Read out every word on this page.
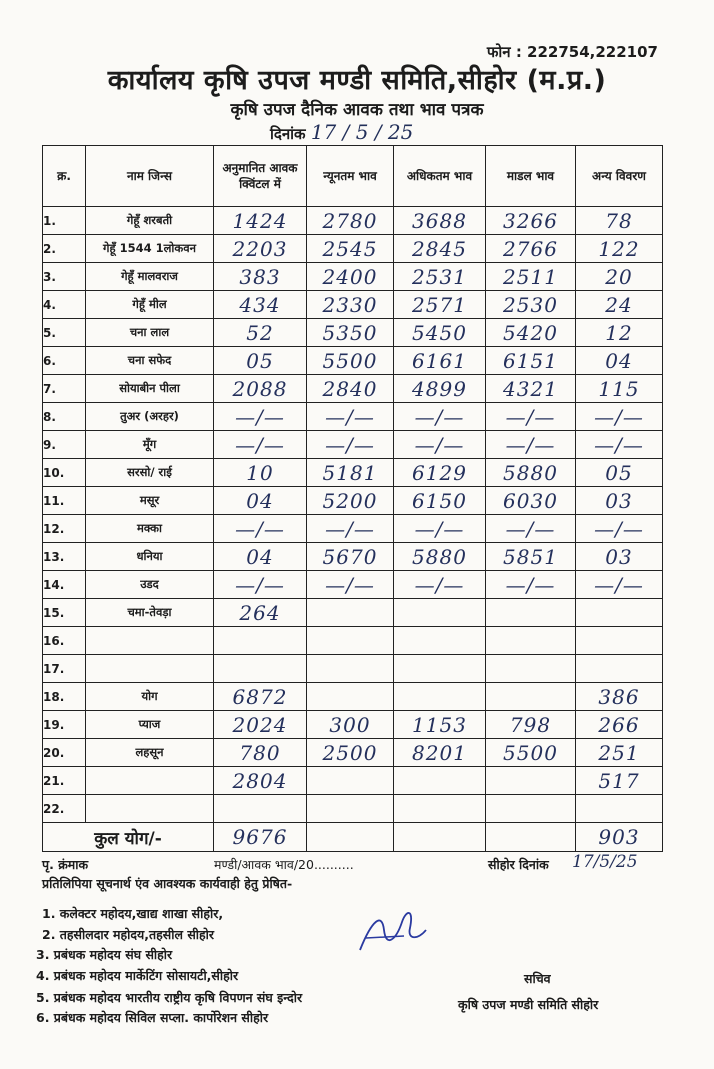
फोन : 222754,222107
कार्यालय कृषि उपज मण्डी समिति,सीहोर (म.प्र.)
कृषि उपज दैनिक आवक तथा भाव पत्रक
दिनांक 17 / 5 / 25
क्र.	नाम जिन्स	अनुमानित आवक क्विंटल में	न्यूनतम भाव	अधिकतम भाव	माडल भाव	अन्य विवरण
1.	गेहूँ शरबती	1424	2780	3688	3266	78
2.	गेहूँ 1544 1लोकवन	2203	2545	2845	2766	122
3.	गेहूँ मालवराज	383	2400	2531	2511	20
4.	गेहूँ मील	434	2330	2571	2530	24
5.	चना लाल	52	5350	5450	5420	12
6.	चना सफेद	05	5500	6161	6151	04
7.	सोयाबीन पीला	2088	2840	4899	4321	115
8.	तुअर (अरहर)	—/—	—/—	—/—	—/—	—/—
9.	मूँग	—/—	—/—	—/—	—/—	—/—
10.	सरसो/ राई	10	5181	6129	5880	05
11.	मसूर	04	5200	6150	6030	03
12.	मक्का	—/—	—/—	—/—	—/—	—/—
13.	धनिया	04	5670	5880	5851	03
14.	उडद	—/—	—/—	—/—	—/—	—/—
15.	चमा-तेवड़ा	264				
16.						
17.						
18.	योग	6872				386
19.	प्याज	2024	300	1153	798	266
20.	लहसून	780	2500	8201	5500	251
21.		2804				517
22.						
कुल योग/-		9676				903
पृ. क्रंमाक	मण्डी/आवक भाव/20..........	सीहोर दिनांक 17/5/25
प्रतिलिपिया सूचनार्थ एंव आवश्यक कार्यवाही हेतु प्रेषित-
1. कलेक्टर महोदय,खाद्य शाखा सीहोर,
2. तहसीलदार महोदय,तहसील सीहोर
3. प्रबंधक महोदय संघ सीहोर
4. प्रबंधक महोदय मार्केटिंग सोसायटी,सीहोर
5. प्रबंधक महोदय भारतीय राष्ट्रीय कृषि विपणन संघ इन्दोर
6. प्रबंधक महोदय सिविल सप्ला. कार्पोरेशन सीहोर
सचिव
कृषि उपज मण्डी समिति सीहोर
